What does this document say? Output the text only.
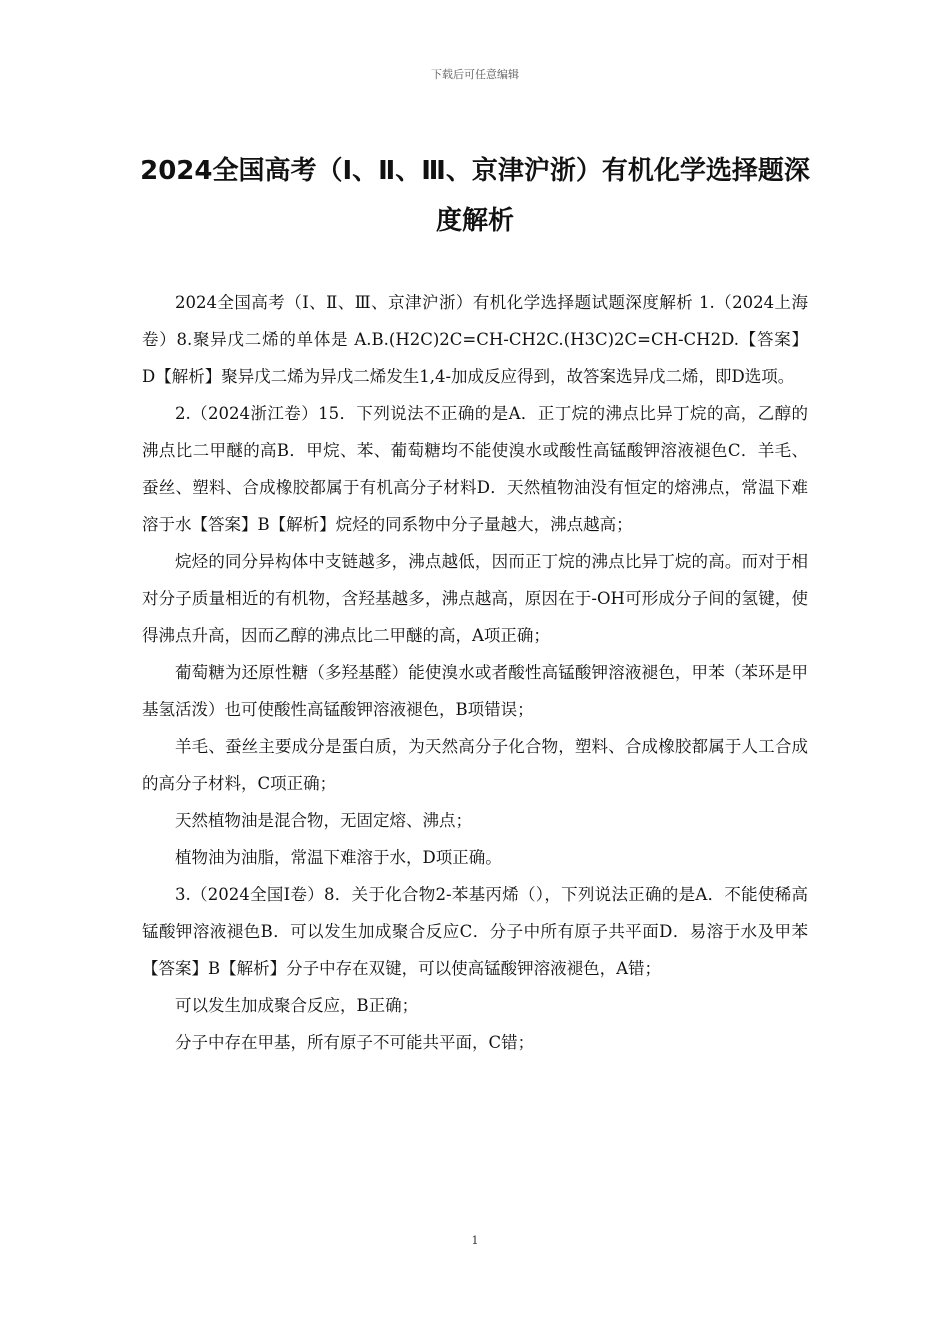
下载后可任意编辑
2024全国高考（Ⅰ、Ⅱ、Ⅲ、京津沪浙）有机化学选择题深度解析

2024全国高考（Ⅰ、Ⅱ、Ⅲ、京津沪浙）有机化学选择题试题深度解析 1.（2024上海卷）8.聚异戊二烯的单体是 A.B.(H2C)2C=CH-CH2C.(H3C)2C=CH-CH2D.【答案】D【解析】聚异戊二烯为异戊二烯发生1,4-加成反应得到，故答案选异戊二烯，即D选项。

2.（2024浙江卷）15．下列说法不正确的是A．正丁烷的沸点比异丁烷的高，乙醇的沸点比二甲醚的高B．甲烷、苯、葡萄糖均不能使溴水或酸性高锰酸钾溶液褪色C．羊毛、蚕丝、塑料、合成橡胶都属于有机高分子材料D．天然植物油没有恒定的熔沸点，常温下难溶于水【答案】B【解析】烷烃的同系物中分子量越大，沸点越高；

烷烃的同分异构体中支链越多，沸点越低，因而正丁烷的沸点比异丁烷的高。而对于相对分子质量相近的有机物，含羟基越多，沸点越高，原因在于-OH可形成分子间的氢键，使得沸点升高，因而乙醇的沸点比二甲醚的高，A项正确；

葡萄糖为还原性糖（多羟基醛）能使溴水或者酸性高锰酸钾溶液褪色，甲苯（苯环是甲基氢活泼）也可使酸性高锰酸钾溶液褪色，B项错误；

羊毛、蚕丝主要成分是蛋白质，为天然高分子化合物，塑料、合成橡胶都属于人工合成的高分子材料，C项正确；

天然植物油是混合物，无固定熔、沸点；

植物油为油脂，常温下难溶于水，D项正确。

3.（2024全国Ⅰ卷）8．关于化合物2-苯基丙烯（），下列说法正确的是A．不能使稀高锰酸钾溶液褪色B．可以发生加成聚合反应C．分子中所有原子共平面D．易溶于水及甲苯【答案】B【解析】分子中存在双键，可以使高锰酸钾溶液褪色，A错；

可以发生加成聚合反应，B正确；

分子中存在甲基，所有原子不可能共平面，C错；

1
